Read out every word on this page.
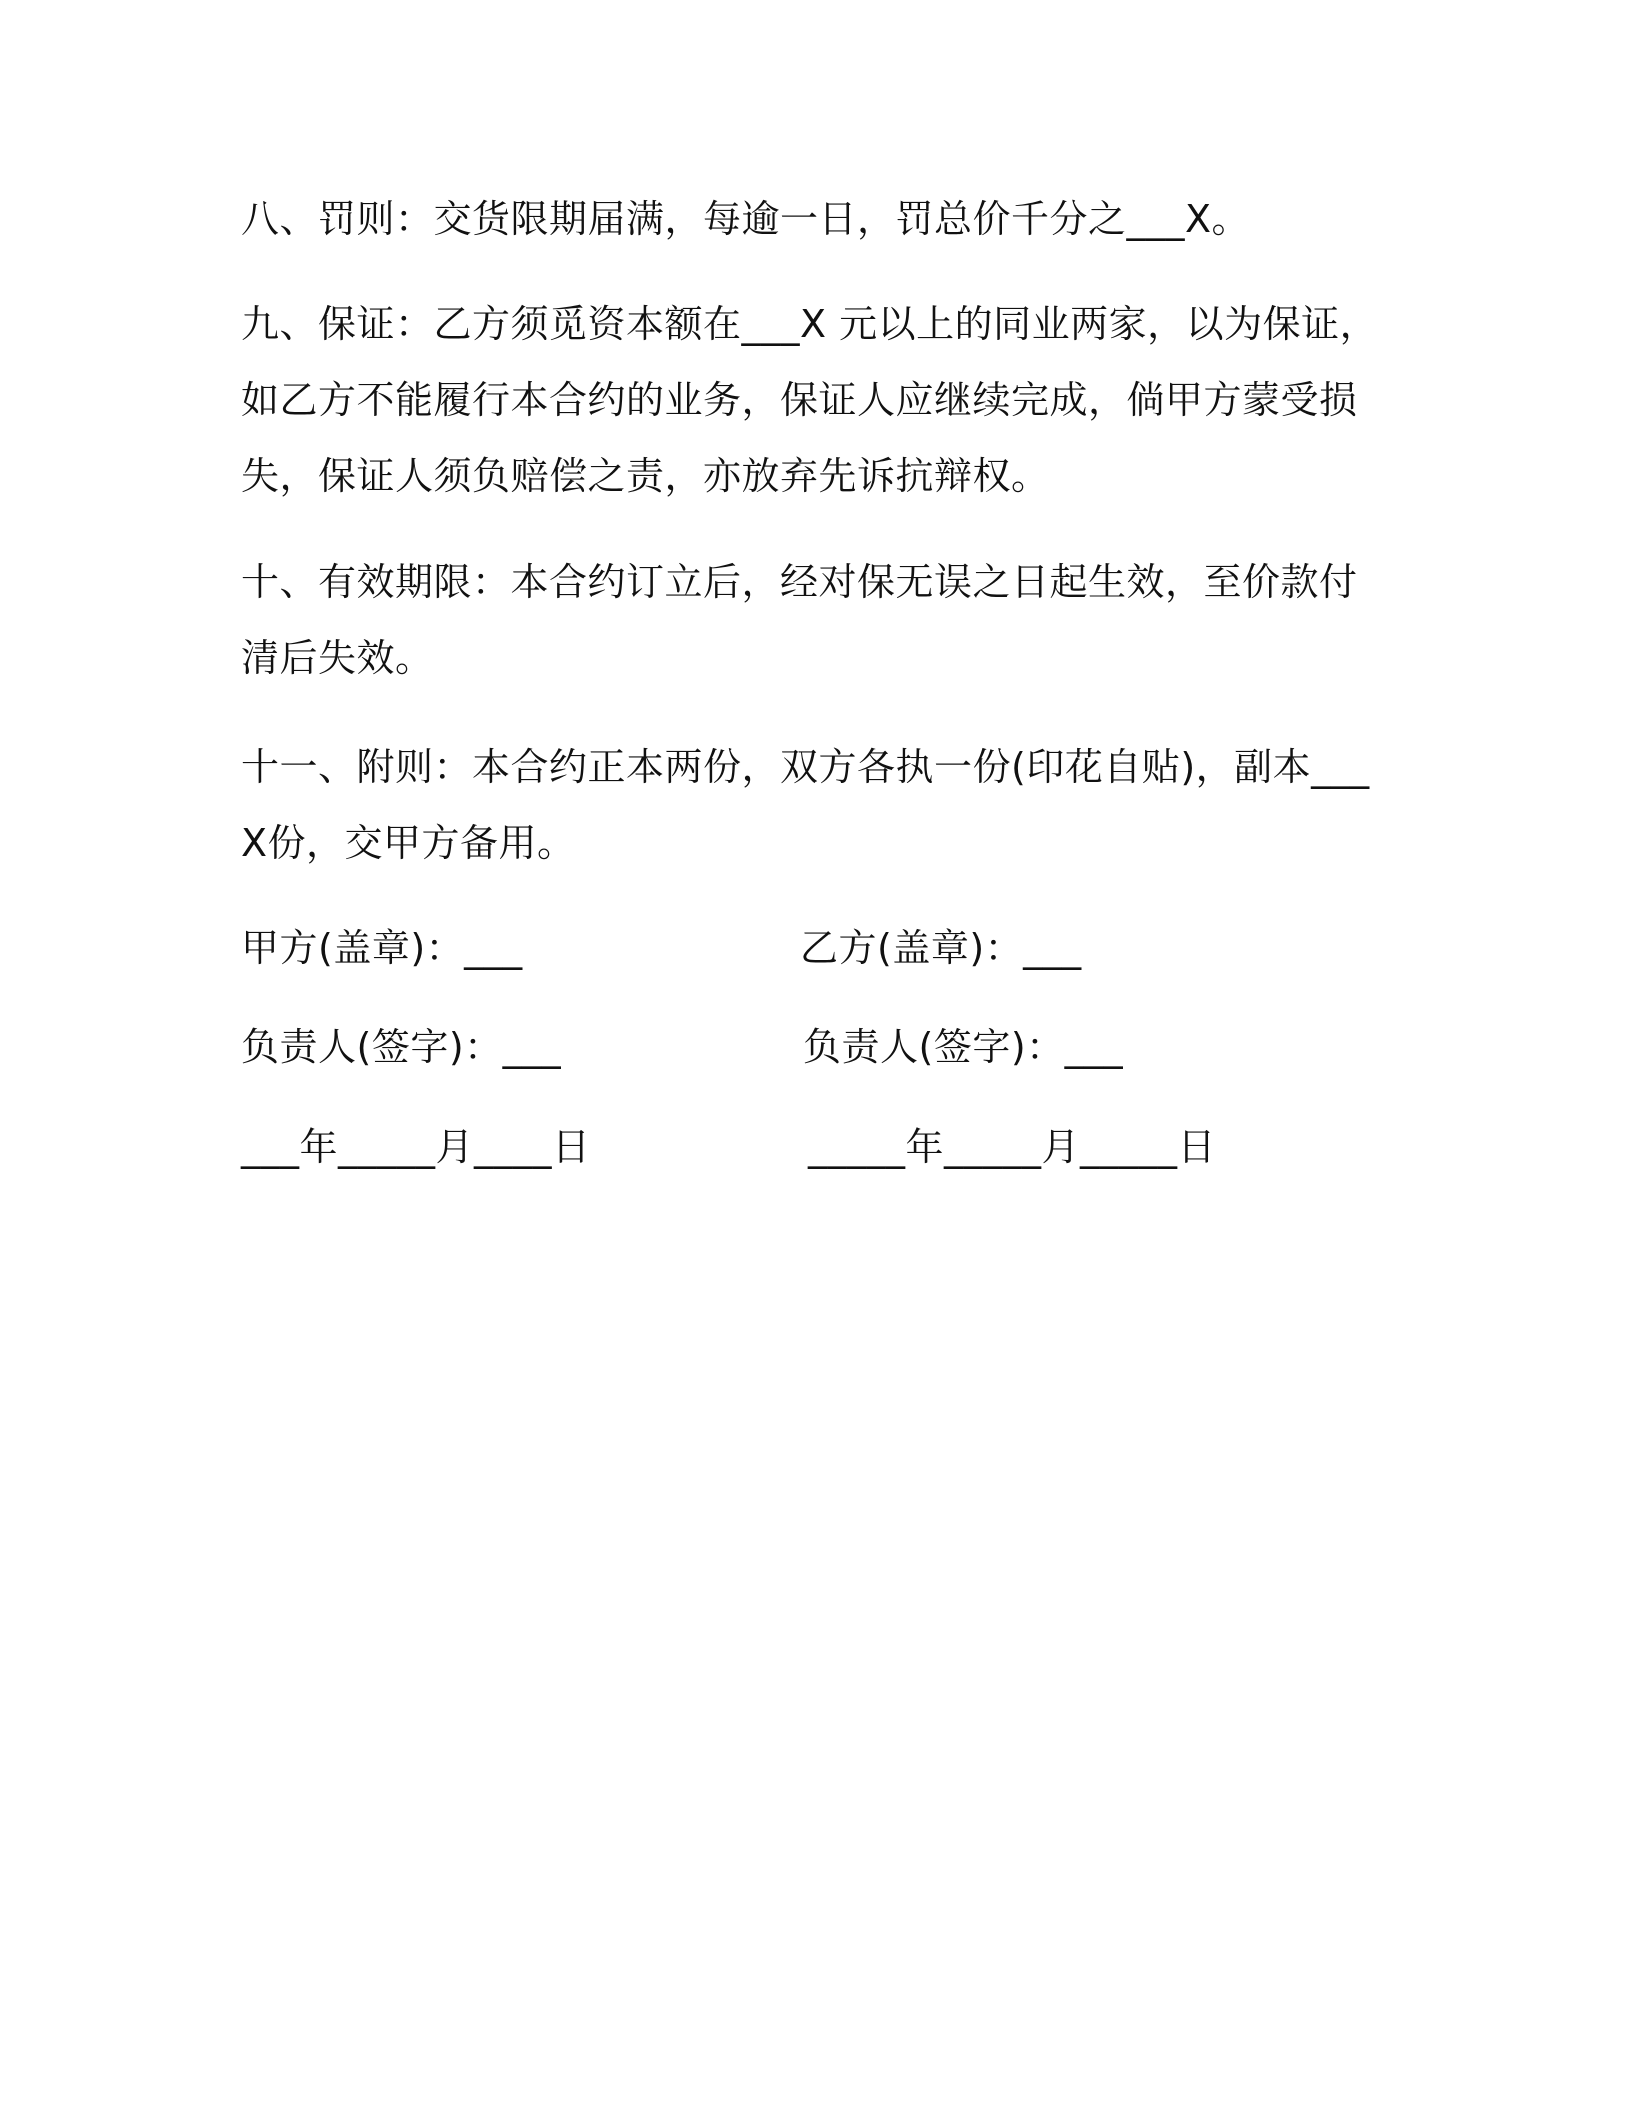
八、罚则：交货限期届满，每逾一日，罚总价千分之___X。

九、保证：乙方须觅资本额在___X 元以上的同业两家，以为保证，如乙方不能履行本合约的业务，保证人应继续完成，倘甲方蒙受损失，保证人须负赔偿之责，亦放弃先诉抗辩权。

十、有效期限：本合约订立后，经对保无误之日起生效，至价款付清后失效。

十一、附则：本合约正本两份，双方各执一份(印花自贴)，副本___X份，交甲方备用。

甲方(盖章)：___	乙方(盖章)：___
负责人(签字)：___	负责人(签字)：___
___年_____月____日	_____年_____月_____日
